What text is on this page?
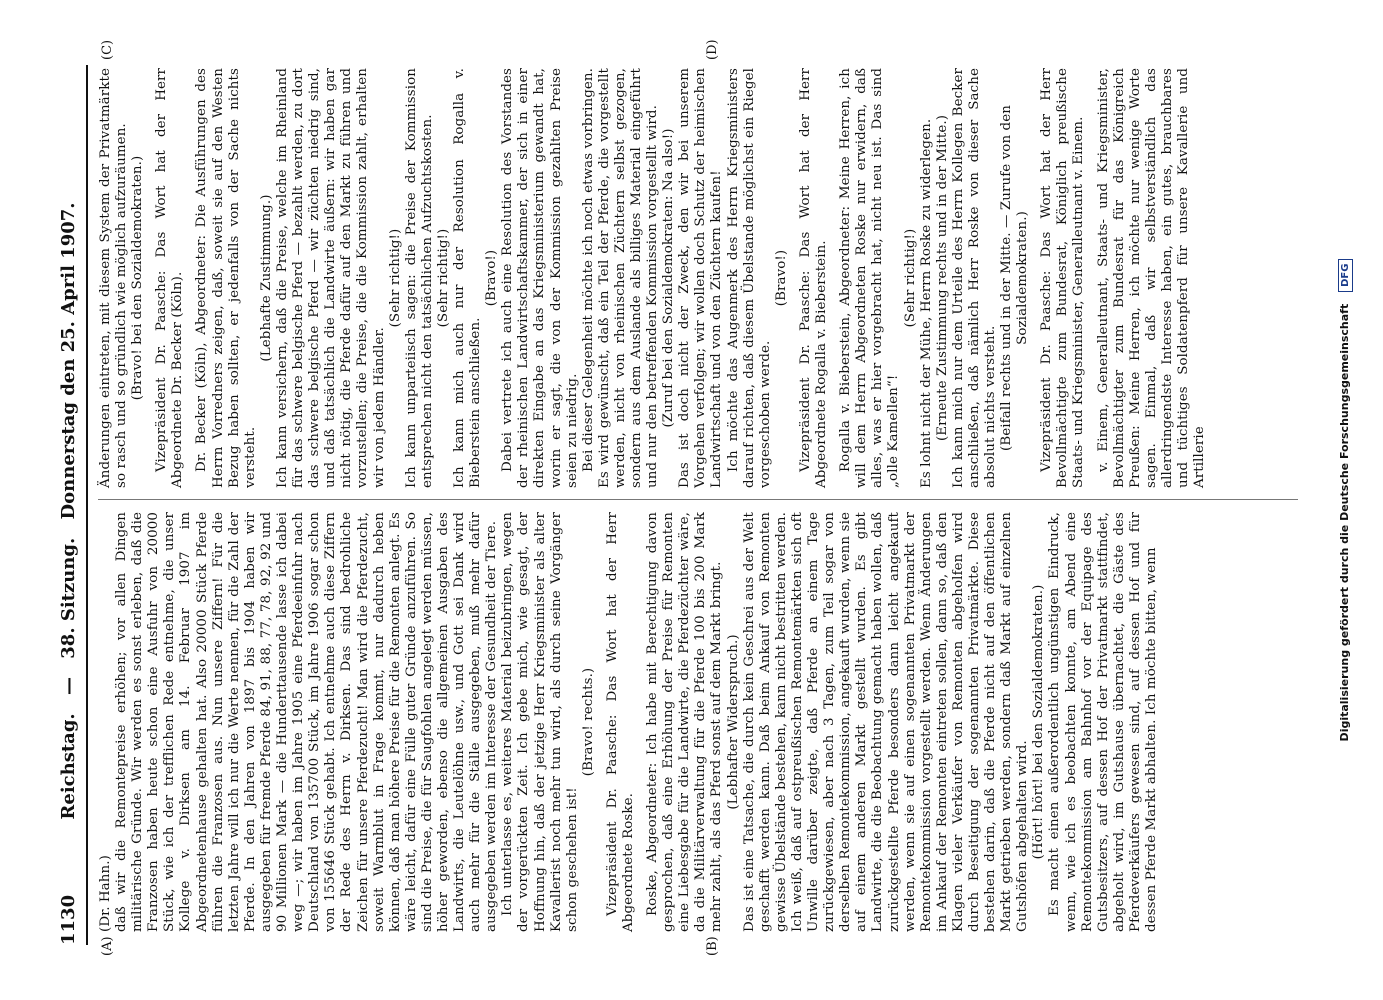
1130
Reichstag. — 38. Sitzung. Donnerstag den 25. April 1907.
(A)	(B)
(C)	(D)

(Dr. Hahn.) daß wir die Remontepreise erhöhen; vor allen Dingen militärische Gründe. Wir werden es sonst erleben, daß die Franzosen haben heute schon eine Ausfuhr von 20000 Stück, wie ich der trefflichen Rede entnehme, die unser Kollege v. Dirksen am 14. Februar 1907 im Abgeordnetenhause gehalten hat. Also 20000 Stück Pferde führen die Franzosen aus. Nun unsere Ziffern! Für die letzten Jahre will ich nur die Werte nennen, für die Zahl der Pferde. In den Jahren von 1897 bis 1904 haben wir ausgegeben für fremde Pferde 84, 91, 88, 77, 78, 92, 92 und 90 Millionen Mark — die Hunderttausende lasse ich dabei weg —; wir haben im Jahre 1905 eine Pferdeeinfuhr nach Deutschland von 135700 Stück, im Jahre 1906 sogar schon von 155646 Stück gehabt. Ich entnehme auch diese Ziffern der Rede des Herrn v. Dirksen. Das sind bedrohliche Zeichen für unsere Pferdezucht! Man wird die Pferdezucht, soweit Warmblut in Frage kommt, nur dadurch heben können, daß man höhere Preise für die Remonten anlegt. Es wäre leicht, dafür eine Fülle guter Gründe anzuführen. So sind die Preise, die für Saugfohlen angelegt werden müssen, höher geworden, ebenso die allgemeinen Ausgaben des Landwirts, die Leutelöhne usw., und Gott sei Dank wird auch mehr für die Ställe ausgegeben, muß mehr dafür ausgegeben werden im Interesse der Gesundheit der Tiere. Ich unterlasse es, weiteres Material beizubringen, wegen der vorgerückten Zeit. Ich gebe mich, wie gesagt, der Hoffnung hin, daß der jetzige Herr Kriegsminister als alter Kavallerist noch mehr tun wird, als durch seine Vorgänger schon geschehen ist!

(Bravo! rechts.) Vizepräsident Dr. Paasche: Das Wort hat der Herr Abgeordnete Roske. Roske, Abgeordneter: Ich habe mit Berechtigung davon gesprochen, daß eine Erhöhung der Preise für Remonten eine Liebesgabe für die Landwirte, die Pferdezüchter wäre, da die Militärverwaltung für die Pferde 100 bis 200 Mark mehr zahlt, als das Pferd sonst auf dem Markt bringt. (Lebhafter Widerspruch.) Das ist eine Tatsache, die durch kein Geschrei aus der Welt geschafft werden kann. Daß beim Ankauf von Remonten gewisse Übelstände bestehen, kann nicht bestritten werden. Ich weiß, daß auf ostpreußischen Remontemärkten sich oft Unwille darüber zeigte, daß Pferde an einem Tage zurückgewiesen, aber nach 3 Tagen, zum Teil sogar von derselben Remontekommission, angekauft wurden, wenn sie auf einem anderen Markt gestellt wurden. Es gibt Landwirte, die die Beobachtung gemacht haben wollen, daß zurückgestellte Pferde besonders dann leicht angekauft werden, wenn sie auf einen sogenannten Privatmarkt der Remontekommission vorgestellt werden. Wenn Änderungen im Ankauf der Remonten eintreten sollen, dann so, daß den Klagen vieler Verkäufer von Remonten abgeholfen wird durch Beseitigung der sogenannten Privatmärkte. Diese bestehen darin, daß die Pferde nicht auf den öffentlichen Markt getrieben werden, sondern daß Markt auf einzelnen Gutshöfen abgehalten wird. (Hört! hört! bei den Sozialdemokraten.) Es macht einen außerordentlich ungünstigen Eindruck, wenn, wie ich es beobachten konnte, am Abend eine Remontekommission am Bahnhof vor der Equipage des Gutsbesitzers, auf dessen Hof der Privatmarkt stattfindet, abgeholt wird, im Gutshause übernachtet, die Gäste des Pferdeverkäufers gewesen sind, auf dessen Hof und für dessen Pferde Markt abhalten. Ich möchte bitten, wenn

Änderungen eintreten, mit diesem System der Privatmärkte so rasch und so gründlich wie möglich aufzuräumen. (Bravo! bei den Sozialdemokraten.) Vizepräsident Dr. Paasche: Das Wort hat der Herr Abgeordnete Dr. Becker (Köln). Dr. Becker (Köln), Abgeordneter: Die Ausführungen des Herrn Vorredners zeigen, daß, soweit sie auf den Westen Bezug haben sollten, er jedenfalls von der Sache nichts versteht.

(Lebhafte Zustimmung.) Ich kann versichern, daß die Preise, welche im Rheinland für das schwere belgische Pferd — bezahlt werden, zu dort das schwere belgische Pferd — wir züchten niedrig sind, und daß tatsächlich die Landwirte äußern: wir haben gar nicht nötig, die Pferde dafür auf den Markt zu führen und vorzustellen; die Preise, die die Kommission zahlt, erhalten wir von jedem Händler.

(Sehr richtig!) Ich kann unparteiisch sagen: die Preise der Kommission entsprechen nicht den tatsächlichen Aufzuchtskosten. (Sehr richtig!) Ich kann mich auch nur der Resolution Rogalla v. Bieberstein anschließen.

(Bravo!) Dabei vertrete ich auch eine Resolution des Vorstandes der rheinischen Landwirtschaftskammer, der sich in einer direkten Eingabe an das Kriegsministerium gewandt hat, worin er sagt, die von der Kommission gezahlten Preise seien zu niedrig. Bei dieser Gelegenheit möchte ich noch etwas vorbringen. Es wird gewünscht, daß ein Teil der Pferde, die vorgestellt werden, nicht von rheinischen Züchtern selbst gezogen, sondern aus dem Auslande als billiges Material eingeführt und nur den betreffenden Kommission vorgestellt wird. (Zuruf bei den Sozialdemokraten: Na also!) Das ist doch nicht der Zweck, den wir bei unserem Vorgehen verfolgen; wir wollen doch Schutz der heimischen Landwirtschaft und von den Züchtern kaufen! Ich möchte das Augenmerk des Herrn Kriegsministers darauf richten, daß diesem Übelstande möglichst ein Riegel vorgeschoben werde.

(Bravo!) Vizepräsident Dr. Paasche: Das Wort hat der Herr Abgeordnete Rogalla v. Bieberstein. Rogalla v. Bieberstein, Abgeordneter: Meine Herren, ich will dem Herrn Abgeordneten Roske nur erwidern, daß alles, was er hier vorgebracht hat, nicht neu ist. Das sind „olle Kamellen“!

(Sehr richtig!) Es lohnt nicht der Mühe, Herrn Roske zu widerlegen. (Erneute Zustimmung rechts und in der Mitte.) Ich kann mich nur dem Urteile des Herrn Kollegen Becker anschließen, daß nämlich Herr Roske von dieser Sache absolut nichts versteht. (Beifall rechts und in der Mitte. — Zurufe von den Sozialdemokraten.) Vizepräsident Dr. Paasche: Das Wort hat der Herr Bevollmächtigte zum Bundesrat, Königlich preußische Staats- und Kriegsminister, Generalleutnant v. Einem. v. Einem, Generalleutnant, Staats- und Kriegsminister, Bevollmächtigter zum Bundesrat für das Königreich Preußen: Meine Herren, ich möchte nur wenige Worte sagen. Einmal, daß wir selbstverständlich das allerdringendste Interesse haben, ein gutes, brauchbares und tüchtiges Soldatenpferd für unsere Kavallerie und Artillerie	Digitalisierung gefördert durch die Deutsche Forschungsgemeinschaft DFG
